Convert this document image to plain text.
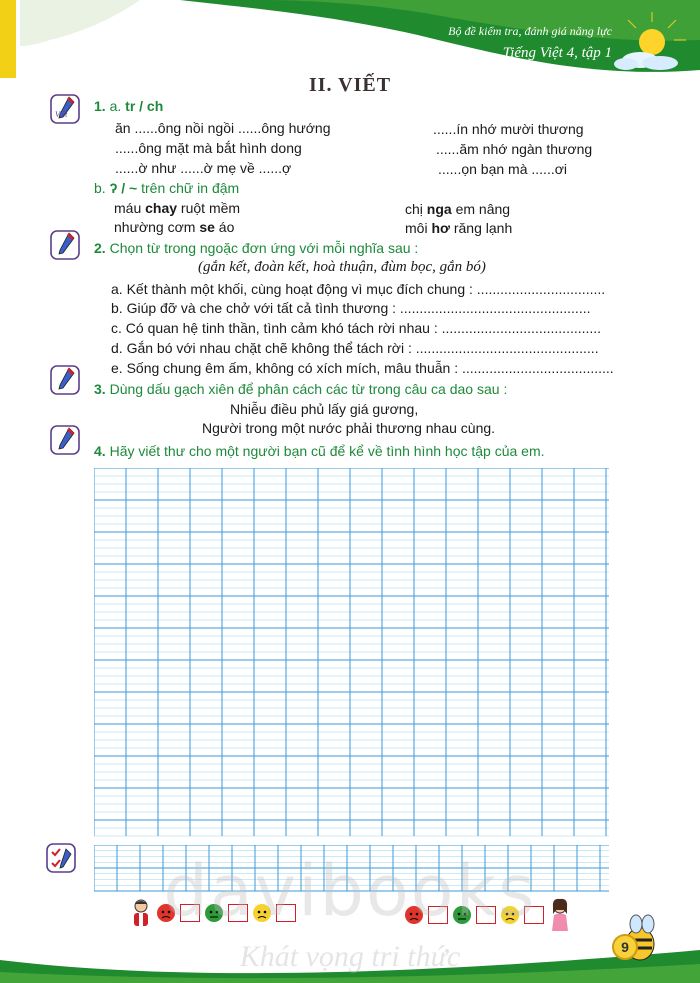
Bộ đề kiểm tra, đánh giá năng lực
Tiếng Việt 4, tập 1
II. VIẾT
Viết
1. a. tr / ch
ăn ......ông nồi ngồi ......ông hướng
......ông mặt mà bắt hình dong
......ờ như ......ờ mẹ về ......ợ
......ín nhớ mười thương
......ăm nhớ ngàn thương
......ọn bạn mà ......ơi
b. ʔ / ~ trên chữ in đậm
máu chay ruột mềm
nhường cơm se áo
chị nga em nâng
môi hơ răng lạnh
2. Chọn từ trong ngoặc đơn ứng với mỗi nghĩa sau :
(gắn kết, đoàn kết, hoà thuận, đùm bọc, gắn bó)
a. Kết thành một khối, cùng hoạt động vì mục đích chung : .................................
b. Giúp đỡ và che chở với tất cả tình thương : .................................................
c. Có quan hệ tinh thần, tình cảm khó tách rời nhau : .........................................
d. Gắn bó với nhau chặt chẽ không thể tách rời : ...............................................
e. Sống chung êm ấm, không có xích mích, mâu thuẫn : .......................................
3. Dùng dấu gạch xiên để phân cách các từ trong câu ca dao sau :
Nhiễu điều phủ lấy giá gương,
Người trong một nước phải thương nhau cùng.
4. Hãy viết thư cho một người bạn cũ để kể về tình hình học tập của em.
9
davibooks
Khát vọng tri thức
